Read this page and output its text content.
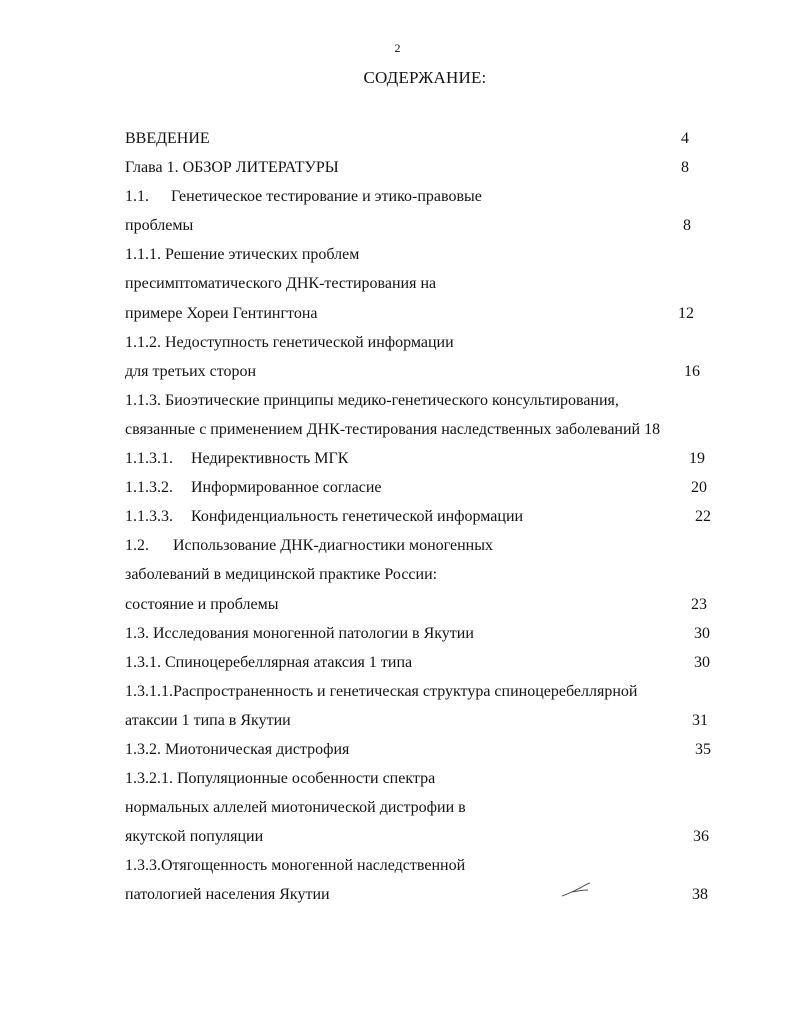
2
СОДЕРЖАНИЕ:
ВВЕДЕНИЕ	4
Глава 1. ОБЗОР ЛИТЕРАТУРЫ	8
1.1. Генетическое тестирование и этико-правовые
проблемы	8
1.1.1. Решение этических проблем
пресимптоматического ДНК-тестирования на
примере Хореи Гентингтона	12
1.1.2. Недоступность генетической информации
для третьих сторон	16
1.1.3. Биоэтические принципы медико-генетического консультирования,
связанные с применением ДНК-тестирования наследственных заболеваний 18
1.1.3.1. Недирективность МГК	19
1.1.3.2. Информированное согласие	20
1.1.3.3. Конфиденциальность генетической информации	22
1.2. Использование ДНК-диагностики моногенных
заболеваний в медицинской практике России:
состояние и проблемы	23
1.3. Исследования моногенной патологии в Якутии	30
1.3.1. Спиноцеребеллярная атаксия 1 типа	30
1.3.1.1.Распространенность и генетическая структура спиноцеребеллярной
атаксии 1 типа в Якутии	31
1.3.2. Миотоническая дистрофия	35
1.3.2.1. Популяционные особенности спектра
нормальных аллелей миотонической дистрофии в
якутской популяции	36
1.3.3.Отягощенность моногенной наследственной
патологией населения Якутии	38
